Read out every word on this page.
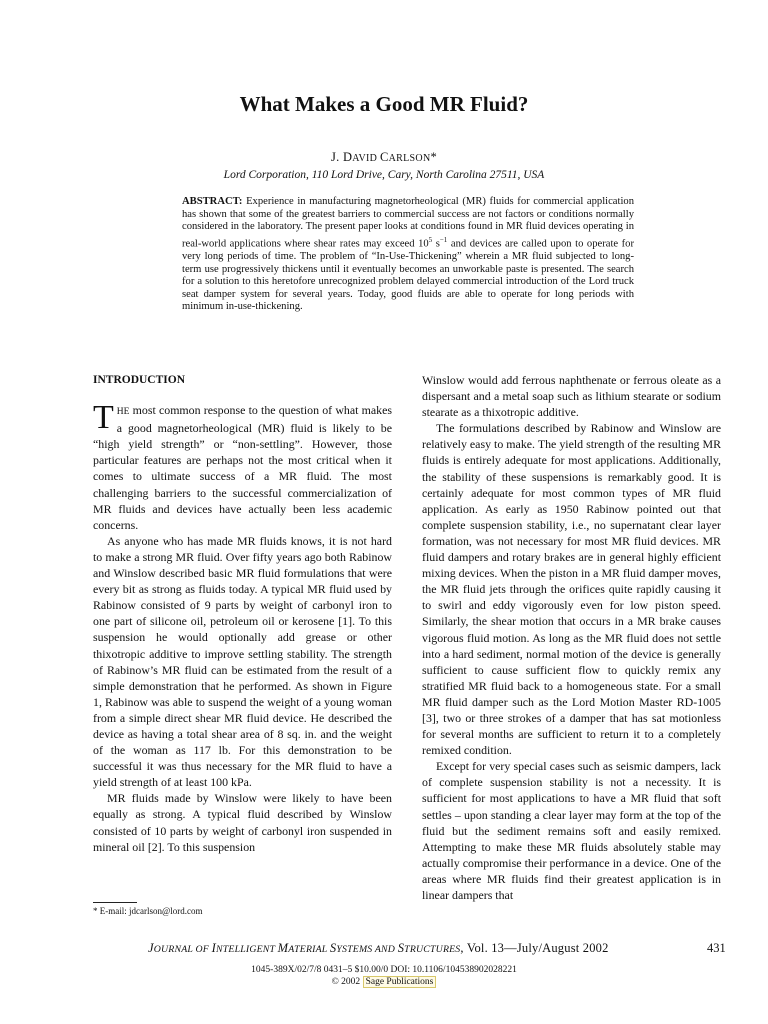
What Makes a Good MR Fluid?
J. DAVID CARLSON*
Lord Corporation, 110 Lord Drive, Cary, North Carolina 27511, USA
ABSTRACT: Experience in manufacturing magnetorheological (MR) fluids for commercial application has shown that some of the greatest barriers to commercial success are not factors or conditions normally considered in the laboratory. The present paper looks at conditions found in MR fluid devices operating in real-world applications where shear rates may exceed $10^5$ $s^{-1}$ and devices are called upon to operate for very long periods of time. The problem of “In-Use-Thickening” wherein a MR fluid subjected to long-term use progressively thickens until it eventually becomes an unworkable paste is presented. The search for a solution to this heretofore unrecognized problem delayed commercial introduction of the Lord truck seat damper system for several years. Today, good fluids are able to operate for long periods with minimum in-use-thickening.
INTRODUCTION

THE most common response to the question of what makes a good magnetorheological (MR) fluid is likely to be “high yield strength” or “non-settling”. However, those particular features are perhaps not the most critical when it comes to ultimate success of a MR fluid. The most challenging barriers to the successful commercialization of MR fluids and devices have actually been less academic concerns.

As anyone who has made MR fluids knows, it is not hard to make a strong MR fluid. Over fifty years ago both Rabinow and Winslow described basic MR fluid formulations that were every bit as strong as fluids today. A typical MR fluid used by Rabinow consisted of 9 parts by weight of carbonyl iron to one part of silicone oil, petroleum oil or kerosene [1]. To this suspension he would optionally add grease or other thixotropic additive to improve settling stability. The strength of Rabinow’s MR fluid can be estimated from the result of a simple demonstration that he performed. As shown in Figure 1, Rabinow was able to suspend the weight of a young woman from a simple direct shear MR fluid device. He described the device as having a total shear area of 8 sq. in. and the weight of the woman as 117 lb. For this demonstration to be successful it was thus necessary for the MR fluid to have a yield strength of at least 100 kPa.

MR fluids made by Winslow were likely to have been equally as strong. A typical fluid described by Winslow consisted of 10 parts by weight of carbonyl iron suspended in mineral oil [2]. To this suspension

Winslow would add ferrous naphthenate or ferrous oleate as a dispersant and a metal soap such as lithium stearate or sodium stearate as a thixotropic additive.

The formulations described by Rabinow and Winslow are relatively easy to make. The yield strength of the resulting MR fluids is entirely adequate for most applications. Additionally, the stability of these suspensions is remarkably good. It is certainly adequate for most common types of MR fluid application. As early as 1950 Rabinow pointed out that complete suspension stability, i.e., no supernatant clear layer formation, was not necessary for most MR fluid devices. MR fluid dampers and rotary brakes are in general highly efficient mixing devices. When the piston in a MR fluid damper moves, the MR fluid jets through the orifices quite rapidly causing it to swirl and eddy vigorously even for low piston speed. Similarly, the shear motion that occurs in a MR brake causes vigorous fluid motion. As long as the MR fluid does not settle into a hard sediment, normal motion of the device is generally sufficient to cause sufficient flow to quickly remix any stratified MR fluid back to a homogeneous state. For a small MR fluid damper such as the Lord Motion Master RD-1005 [3], two or three strokes of a damper that has sat motionless for several months are sufficient to return it to a completely remixed condition.

Except for very special cases such as seismic dampers, lack of complete suspension stability is not a necessity. It is sufficient for most applications to have a MR fluid that soft settles – upon standing a clear layer may form at the top of the fluid but the sediment remains soft and easily remixed. Attempting to make these MR fluids absolutely stable may actually compromise their performance in a device. One of the areas where MR fluids find their greatest application is in linear dampers that

* E-mail: jdcarlson@lord.com
JOURNAL OF INTELLIGENT MATERIAL SYSTEMS AND STRUCTURES, Vol. 13—July/August 2002	431
1045-389X/02/7/8 0431–5 $10.00/0 DOI: 10.1106/104538902028221
© 2002 Sage Publications
